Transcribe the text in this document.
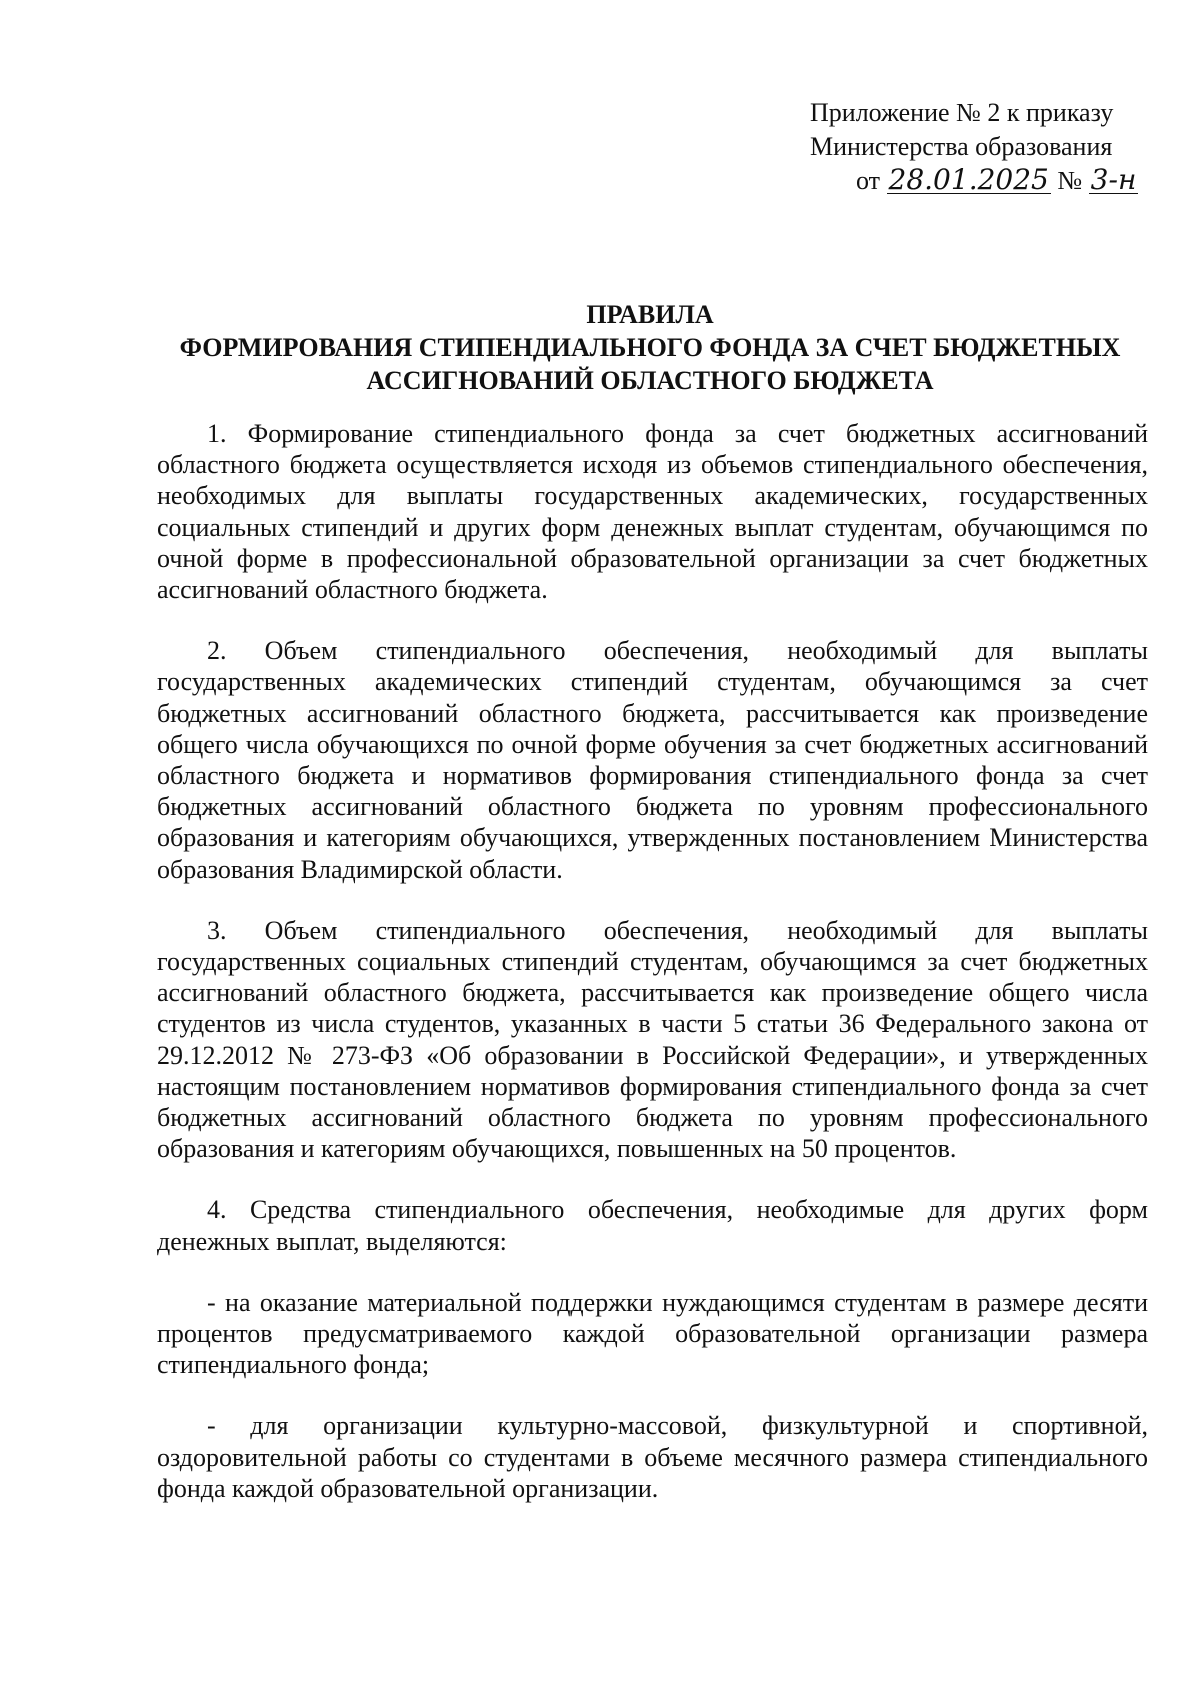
Приложение № 2 к приказу
Министерства образования
от 28.01.2025 № 3-н
ПРАВИЛА
ФОРМИРОВАНИЯ СТИПЕНДИАЛЬНОГО ФОНДА ЗА СЧЕТ БЮДЖЕТНЫХ
АССИГНОВАНИЙ ОБЛАСТНОГО БЮДЖЕТА

1. Формирование стипендиального фонда за счет бюджетных ассигнований областного бюджета осуществляется исходя из объемов стипендиального обеспечения, необходимых для выплаты государственных академических, государственных социальных стипендий и других форм денежных выплат студентам, обучающимся по очной форме в профессиональной образовательной организации за счет бюджетных ассигнований областного бюджета.

2. Объем стипендиального обеспечения, необходимый для выплаты государственных академических стипендий студентам, обучающимся за счет бюджетных ассигнований областного бюджета, рассчитывается как произведение общего числа обучающихся по очной форме обучения за счет бюджетных ассигнований областного бюджета и нормативов формирования стипендиального фонда за счет бюджетных ассигнований областного бюджета по уровням профессионального образования и категориям обучающихся, утвержденных постановлением Министерства образования Владимирской области.

3. Объем стипендиального обеспечения, необходимый для выплаты государственных социальных стипендий студентам, обучающимся за счет бюджетных ассигнований областного бюджета, рассчитывается как произведение общего числа студентов из числа студентов, указанных в части 5 статьи 36 Федерального закона от 29.12.2012 № 273-ФЗ «Об образовании в Российской Федерации», и утвержденных настоящим постановлением нормативов формирования стипендиального фонда за счет бюджетных ассигнований областного бюджета по уровням профессионального образования и категориям обучающихся, повышенных на 50 процентов.

4. Средства стипендиального обеспечения, необходимые для других форм денежных выплат, выделяются:

- на оказание материальной поддержки нуждающимся студентам в размере десяти процентов предусматриваемого каждой образовательной организации размера стипендиального фонда;

- для организации культурно-массовой, физкультурной и спортивной, оздоровительной работы со студентами в объеме месячного размера стипендиального фонда каждой образовательной организации.
